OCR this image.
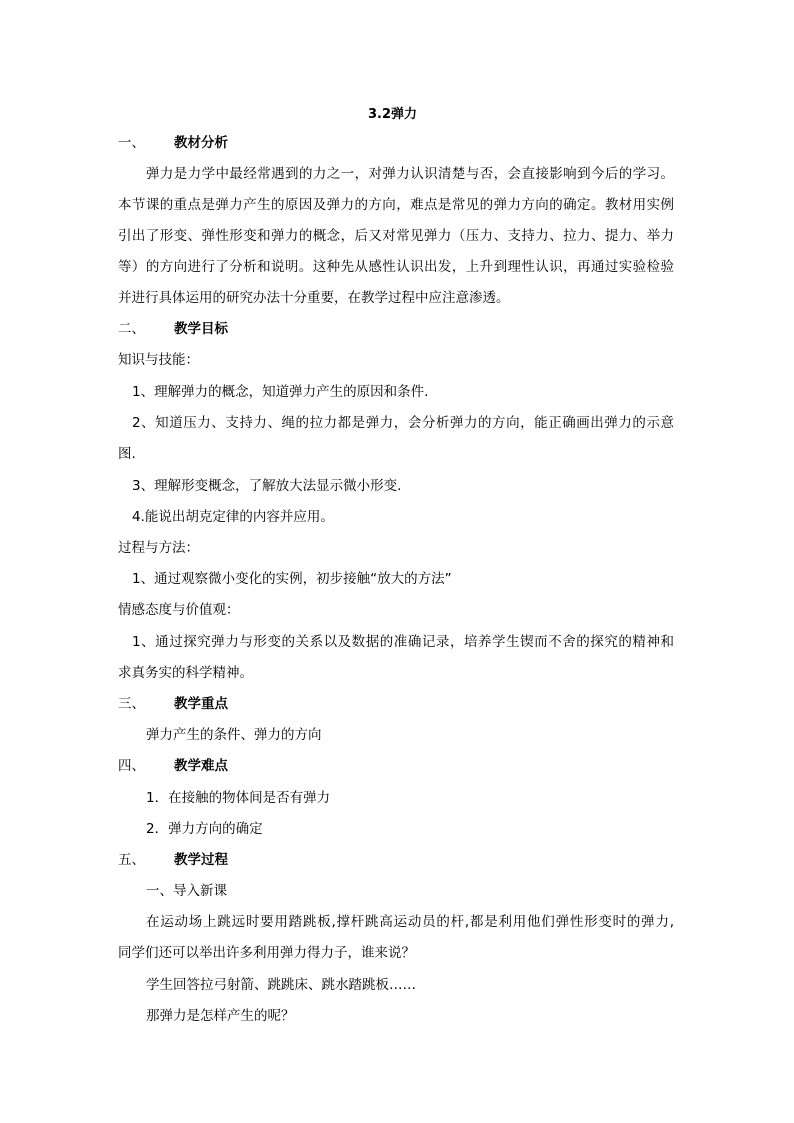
3.2弹力
一、 教材分析
弹力是力学中最经常遇到的力之一，对弹力认识清楚与否，会直接影响到今后的学习。
本节课的重点是弹力产生的原因及弹力的方向，难点是常见的弹力方向的确定。教材用实例
引出了形变、弹性形变和弹力的概念，后又对常见弹力（压力、支持力、拉力、提力、举力
等）的方向进行了分析和说明。这种先从感性认识出发，上升到理性认识，再通过实验检验
并进行具体运用的研究办法十分重要，在教学过程中应注意渗透。
二、 教学目标
知识与技能：
1、理解弹力的概念，知道弹力产生的原因和条件.
2、知道压力、支持力、绳的拉力都是弹力，会分析弹力的方向，能正确画出弹力的示意
图.
3、理解形变概念，了解放大法显示微小形变.
4.能说出胡克定律的内容并应用。
过程与方法：
1、通过观察微小变化的实例，初步接触“放大的方法”
情感态度与价值观：
1、通过探究弹力与形变的关系以及数据的准确记录，培养学生锲而不舍的探究的精神和
求真务实的科学精神。
三、 教学重点
弹力产生的条件、弹力的方向
四、 教学难点
1．在接触的物体间是否有弹力
2．弹力方向的确定
五、 教学过程
一、导入新课
在运动场上跳远时要用踏跳板,撑杆跳高运动员的杆,都是利用他们弹性形变时的弹力,
同学们还可以举出许多利用弹力得力子，谁来说？
学生回答拉弓射箭、跳跳床、跳水踏跳板……
那弹力是怎样产生的呢？
